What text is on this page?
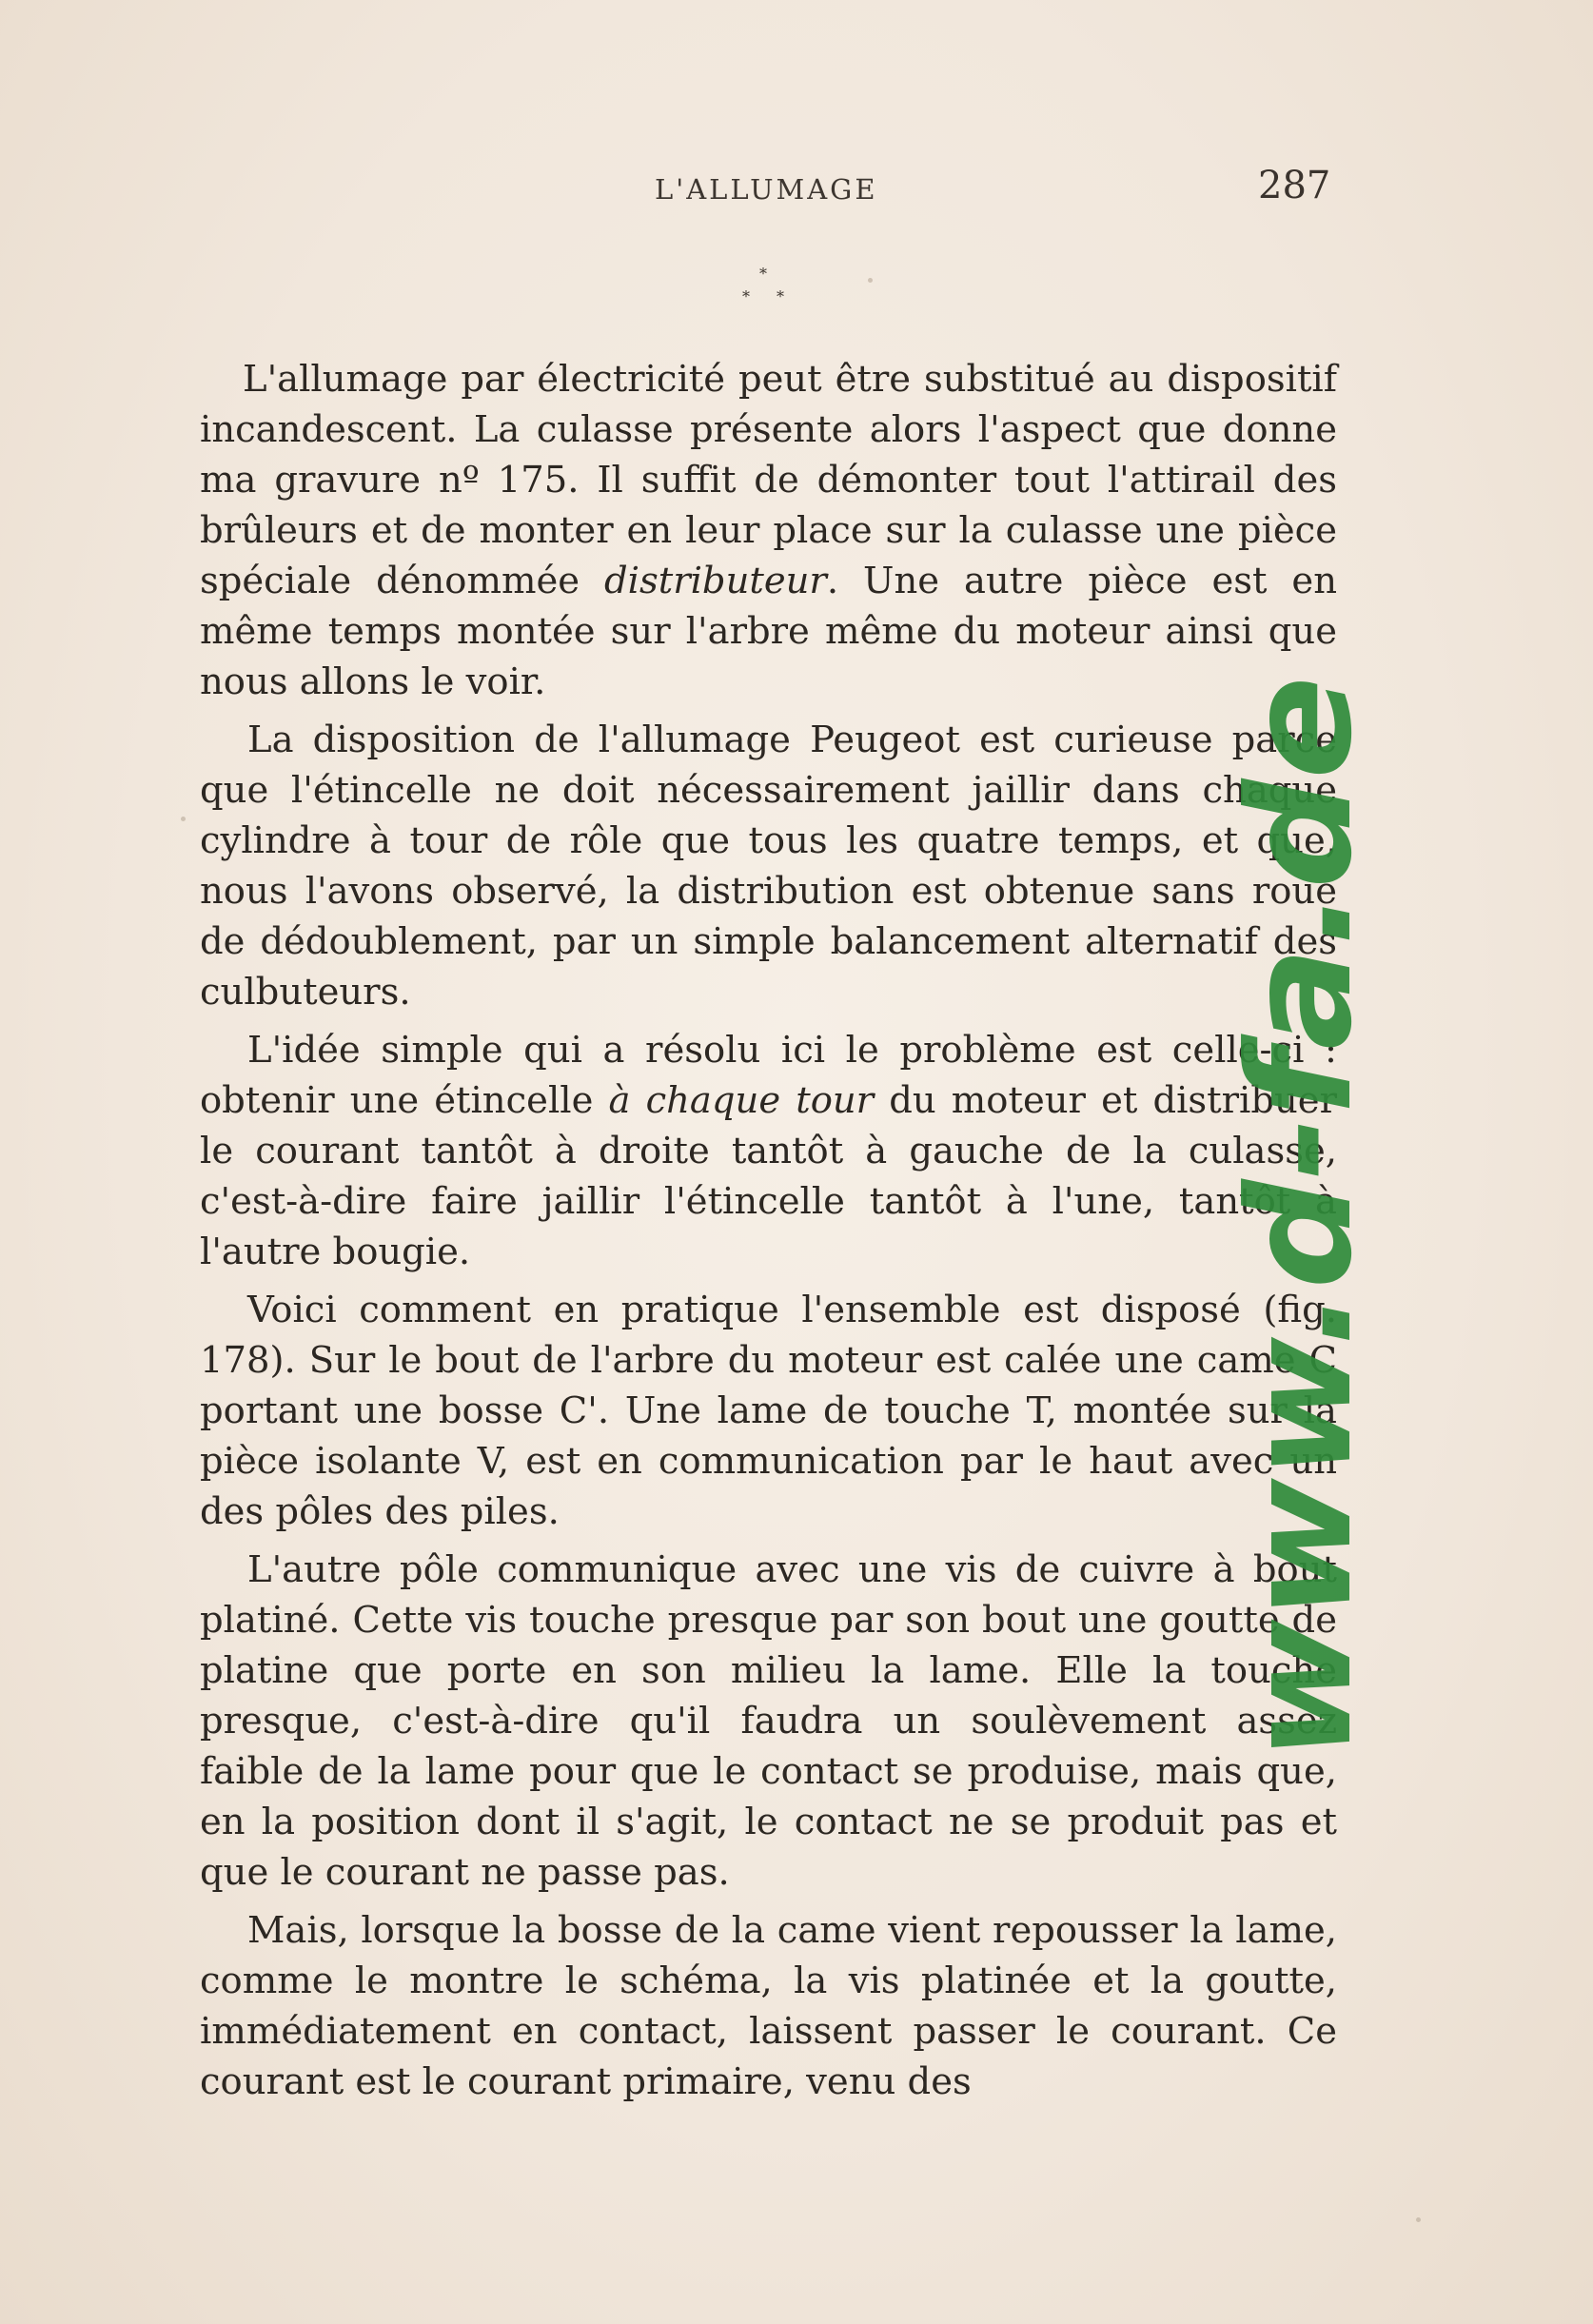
L'ALLUMAGE	287
*
* *

L'allumage par électricité peut être substitué au dispositif incandescent. La culasse présente alors l'aspect que donne ma gravure nº 175. Il suffit de démonter tout l'attirail des brûleurs et de monter en leur place sur la culasse une pièce spéciale dénommée distributeur. Une autre pièce est en même temps montée sur l'arbre même du moteur ainsi que nous allons le voir.

La disposition de l'allumage Peugeot est curieuse parce que l'étincelle ne doit nécessairement jaillir dans chaque cylindre à tour de rôle que tous les quatre temps, et que, nous l'avons observé, la distribution est obtenue sans roue de dédoublement, par un simple balancement alternatif des culbuteurs.

L'idée simple qui a résolu ici le problème est celle-ci : obtenir une étincelle à chaque tour du moteur et distribuer le courant tantôt à droite tantôt à gauche de la culasse, c'est-à-dire faire jaillir l'étincelle tantôt à l'une, tantôt à l'autre bougie.

Voici comment en pratique l'ensemble est disposé (fig. 178). Sur le bout de l'arbre du moteur est calée une came C portant une bosse C'. Une lame de touche T, montée sur la pièce isolante V, est en communication par le haut avec un des pôles des piles.

L'autre pôle communique avec une vis de cuivre à bout platiné. Cette vis touche presque par son bout une goutte de platine que porte en son milieu la lame. Elle la touche presque, c'est-à-dire qu'il faudra un soulèvement assez faible de la lame pour que le contact se produise, mais que, en la position dont il s'agit, le contact ne se produit pas et que le courant ne passe pas.

Mais, lorsque la bosse de la came vient repousser la lame, comme le montre le schéma, la vis platinée et la goutte, immédiatement en contact, laissent passer le courant. Ce courant est le courant primaire, venu des

www.d-fa.de
